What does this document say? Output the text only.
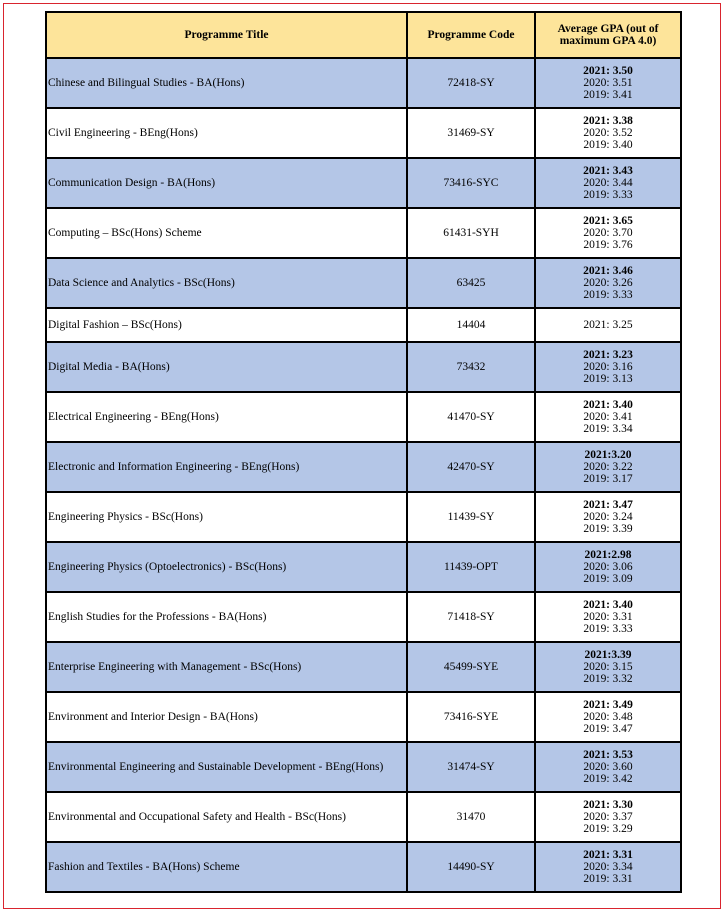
Programme Title	Programme Code	Average GPA (out of
maximum GPA 4.0)

Chinese and Bilingual Studies - BA(Hons)	72418-SY	2021: 3.50
2020: 3.51
2019: 3.41

Civil Engineering - BEng(Hons)	31469-SY	2021: 3.38
2020: 3.52
2019: 3.40

Communication Design - BA(Hons)	73416-SYC	2021: 3.43
2020: 3.44
2019: 3.33

Computing – BSc(Hons) Scheme	61431-SYH	2021: 3.65
2020: 3.70
2019: 3.76

Data Science and Analytics - BSc(Hons)	63425	2021: 3.46
2020: 3.26
2019: 3.33

Digital Fashion – BSc(Hons)	14404	2021: 3.25

Digital Media - BA(Hons)	73432	2021: 3.23
2020: 3.16
2019: 3.13

Electrical Engineering - BEng(Hons)	41470-SY	2021: 3.40
2020: 3.41
2019: 3.34

Electronic and Information Engineering - BEng(Hons)	42470-SY	2021:3.20
2020: 3.22
2019: 3.17

Engineering Physics - BSc(Hons)	11439-SY	2021: 3.47
2020: 3.24
2019: 3.39

Engineering Physics (Optoelectronics) - BSc(Hons)	11439-OPT	2021:2.98
2020: 3.06
2019: 3.09

English Studies for the Professions - BA(Hons)	71418-SY	2021: 3.40
2020: 3.31
2019: 3.33

Enterprise Engineering with Management - BSc(Hons)	45499-SYE	2021:3.39
2020: 3.15
2019: 3.32

Environment and Interior Design - BA(Hons)	73416-SYE	2021: 3.49
2020: 3.48
2019: 3.47

Environmental Engineering and Sustainable Development - BEng(Hons)	31474-SY	2021: 3.53
2020: 3.60
2019: 3.42

Environmental and Occupational Safety and Health - BSc(Hons)	31470	2021: 3.30
2020: 3.37
2019: 3.29

Fashion and Textiles - BA(Hons) Scheme	14490-SY	2021: 3.31
2020: 3.34
2019: 3.31
